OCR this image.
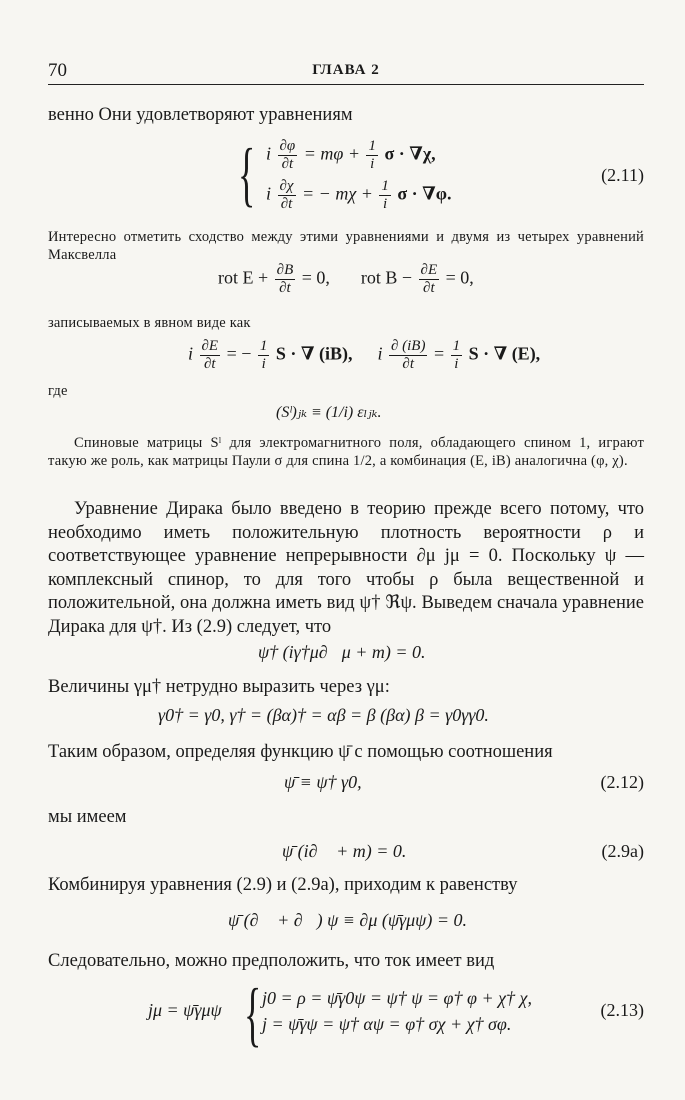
70	ГЛАВА 2
венно Они удовлетворяют уравнениям
{ i $\frac{\partial\varphi}{\partial t} = m\varphi + \frac{1}{i}$ σ · ∇χ,
i $\frac{\partial\chi}{\partial t}$ = − $m\chi + \frac{1}{i}$ σ · ∇φ.
(2.11)
Интересно отметить сходство между этими уравнениями и двумя из четырех уравнений Максвелла
rot $E + \frac{\partial B}{\partial t} = 0$, rot $B - \frac{\partial E}{\partial t} = 0$,
записываемых в явном виде как
i $\frac{\partial E}{\partial t}$ = − $\frac{1}{i}$ S · ∇ (iB), i $\frac{\partial (iB)}{\partial t} = \frac{1}{i}$ S · ∇ (E),
где
(Sˡ)ⱼₖ ≡ (1/i) εₗⱼₖ.
Спиновые матрицы Sˡ для электромагнитного поля, обладающего спином 1, играют такую же роль, как матрицы Паули σ для спина 1/2, а комбинация (E, iB) аналогична (φ, χ).
Уравнение Дирака было введено в теорию прежде всего потому, что необходимо иметь положительную плотность вероятности ρ и соответствующее уравнение непрерывности ∂μ jμ = 0. Поскольку ψ — комплексный спинор, то для того чтобы ρ была вещественной и положительной, она должна иметь вид ψ† ℜψ. Выведем сначала уравнение Дирака для ψ†. Из (2.9) следует, что
ψ† (iγ†μ∂⃖μ + m) = 0.
Величины γμ† нетрудно выразить через γμ:
γ0† = γ0, γ† = (βα)† = αβ = β (βα) β = γ0γγ0.
Таким образом, определяя функцию ψ̄ с помощью соотношения
ψ̄ ≡ ψ† γ0,	(2.12)
мы имеем
ψ̄ (i∂⃖ + m) = 0.	(2.9a)
Комбинируя уравнения (2.9) и (2.9а), приходим к равенству
ψ̄ (∂⃖ + ∂⃗) ψ ≡ ∂μ (ψ̄γμψ) = 0.
Следовательно, можно предположить, что ток имеет вид
jμ = ψ̄γμψ { j0 = ρ = ψ̄γ0ψ = ψ† ψ = φ† φ + χ† χ,
j = ψ̄γψ = ψ† αψ = φ† σχ + χ† σφ.
(2.13)
